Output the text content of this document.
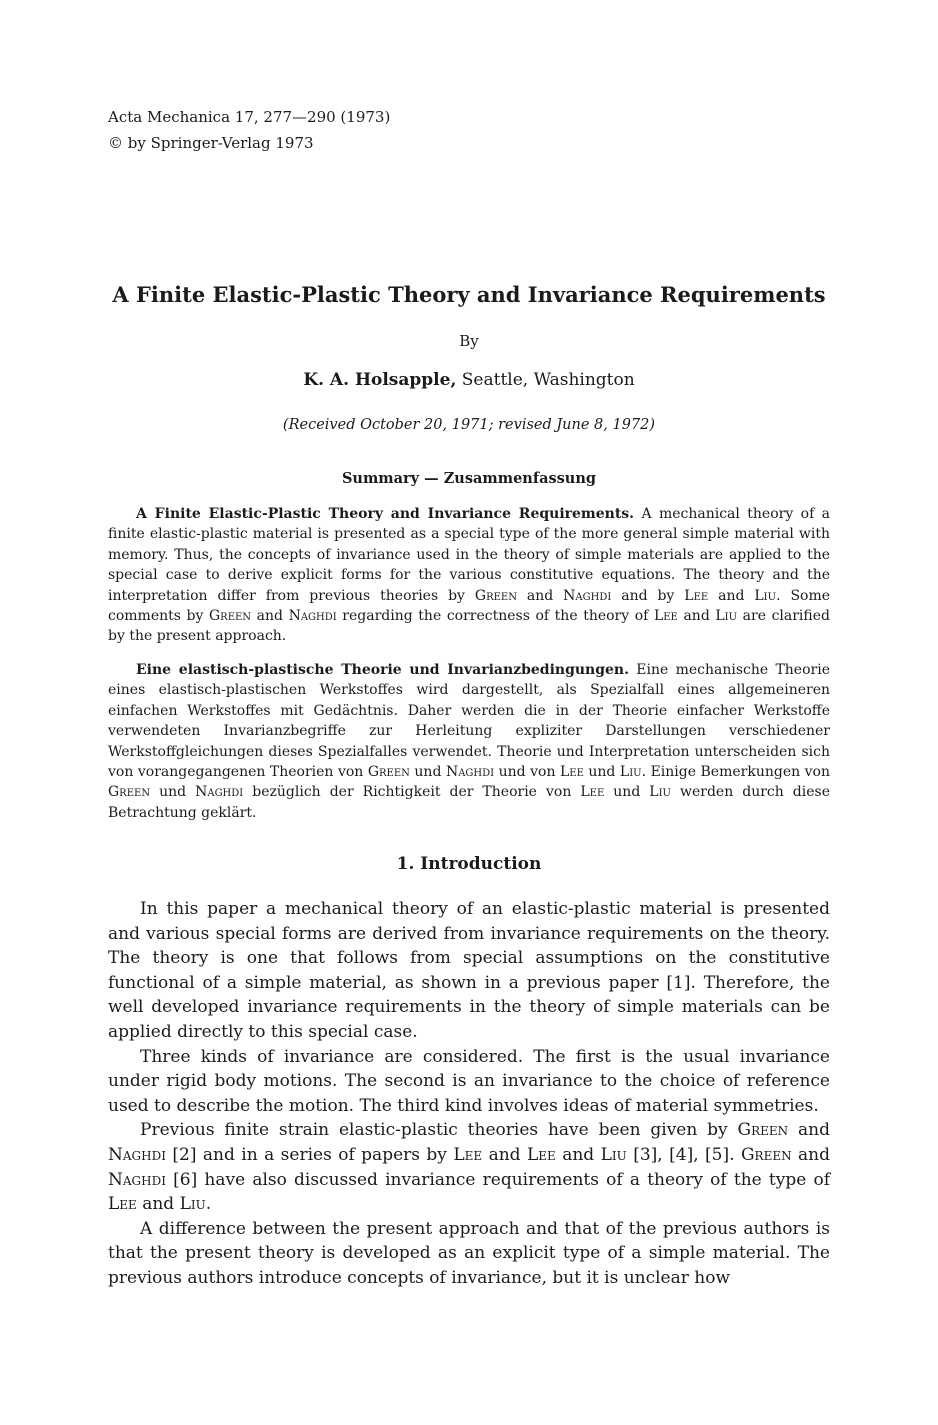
Acta Mechanica 17, 277—290 (1973)
© by Springer-Verlag 1973
A Finite Elastic-Plastic Theory and Invariance Requirements
By
K. A. Holsapple, Seattle, Washington
(Received October 20, 1971; revised June 8, 1972)
Summary — Zusammenfassung

A Finite Elastic-Plastic Theory and Invariance Requirements. A mechanical theory of a finite elastic-plastic material is presented as a special type of the more general simple material with memory. Thus, the concepts of invariance used in the theory of simple materials are applied to the special case to derive explicit forms for the various constitutive equations. The theory and the interpretation differ from previous theories by Green and Naghdi and by Lee and Liu. Some comments by Green and Naghdi regarding the correctness of the theory of Lee and Liu are clarified by the present approach.

Eine elastisch-plastische Theorie und Invarianzbedingungen. Eine mechanische Theorie eines elastisch-plastischen Werkstoffes wird dargestellt, als Spezialfall eines allgemeineren einfachen Werkstoffes mit Gedächtnis. Daher werden die in der Theorie einfacher Werkstoffe verwendeten Invarianzbegriffe zur Herleitung expliziter Darstellungen verschiedener Werkstoffgleichungen dieses Spezialfalles verwendet. Theorie und Interpretation unterscheiden sich von vorangegangenen Theorien von Green und Naghdi und von Lee und Liu. Einige Bemerkungen von Green und Naghdi bezüglich der Richtigkeit der Theorie von Lee und Liu werden durch diese Betrachtung geklärt.

1. Introduction

In this paper a mechanical theory of an elastic-plastic material is presented and various special forms are derived from invariance requirements on the theory. The theory is one that follows from special assumptions on the constitutive functional of a simple material, as shown in a previous paper [1]. Therefore, the well developed invariance requirements in the theory of simple materials can be applied directly to this special case.

Three kinds of invariance are considered. The first is the usual invariance under rigid body motions. The second is an invariance to the choice of reference used to describe the motion. The third kind involves ideas of material symmetries.

Previous finite strain elastic-plastic theories have been given by Green and Naghdi [2] and in a series of papers by Lee and Lee and Liu [3], [4], [5]. Green and Naghdi [6] have also discussed invariance requirements of a theory of the type of Lee and Liu.

A difference between the present approach and that of the previous authors is that the present theory is developed as an explicit type of a simple material. The previous authors introduce concepts of invariance, but it is unclear how
